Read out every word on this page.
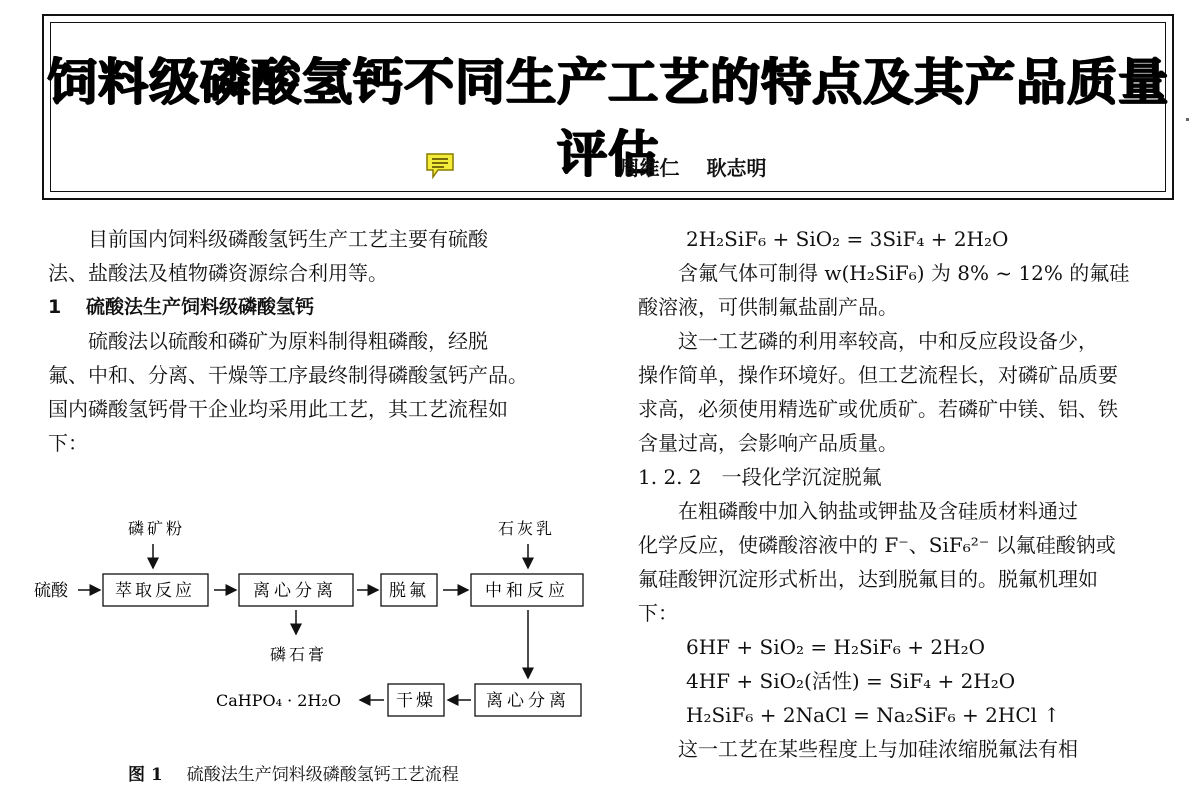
饲料级磷酸氢钙不同生产工艺的特点及其产品质量评估
周维仁 耿志明

目前国内饲料级磷酸氢钙生产工艺主要有硫酸

法、盐酸法及植物磷资源综合利用等。

1 硫酸法生产饲料级磷酸氢钙

硫酸法以硫酸和磷矿为原料制得粗磷酸，经脱

氟、中和、分离、干燥等工序最终制得磷酸氢钙产品。

国内磷酸氢钙骨干企业均采用此工艺，其工艺流程如

下：

磷矿粉	石灰乳
硫酸	萃取反应	离心分离	脱氟	中和反应
磷石膏
离心分离
干燥
CaHPO₄ · 2H₂O
图 1 硫酸法生产饲料级磷酸氢钙工艺流程

2H₂SiF₆ + SiO₂ = 3SiF₄ + 2H₂O

含氟气体可制得 w(H₂SiF₆) 为 8% ~ 12% 的氟硅

酸溶液，可供制氟盐副产品。

这一工艺磷的利用率较高，中和反应段设备少，

操作简单，操作环境好。但工艺流程长，对磷矿品质要

求高，必须使用精选矿或优质矿。若磷矿中镁、铝、铁

含量过高，会影响产品质量。

1. 2. 2　一段化学沉淀脱氟

在粗磷酸中加入钠盐或钾盐及含硅质材料通过

化学反应，使磷酸溶液中的 F⁻、SiF₆²⁻ 以氟硅酸钠或

氟硅酸钾沉淀形式析出，达到脱氟目的。脱氟机理如

下：

6HF + SiO₂ = H₂SiF₆ + 2H₂O

4HF + SiO₂(活性) = SiF₄ + 2H₂O

H₂SiF₆ + 2NaCl = Na₂SiF₆ + 2HCl ↑

这一工艺在某些程度上与加硅浓缩脱氟法有相
